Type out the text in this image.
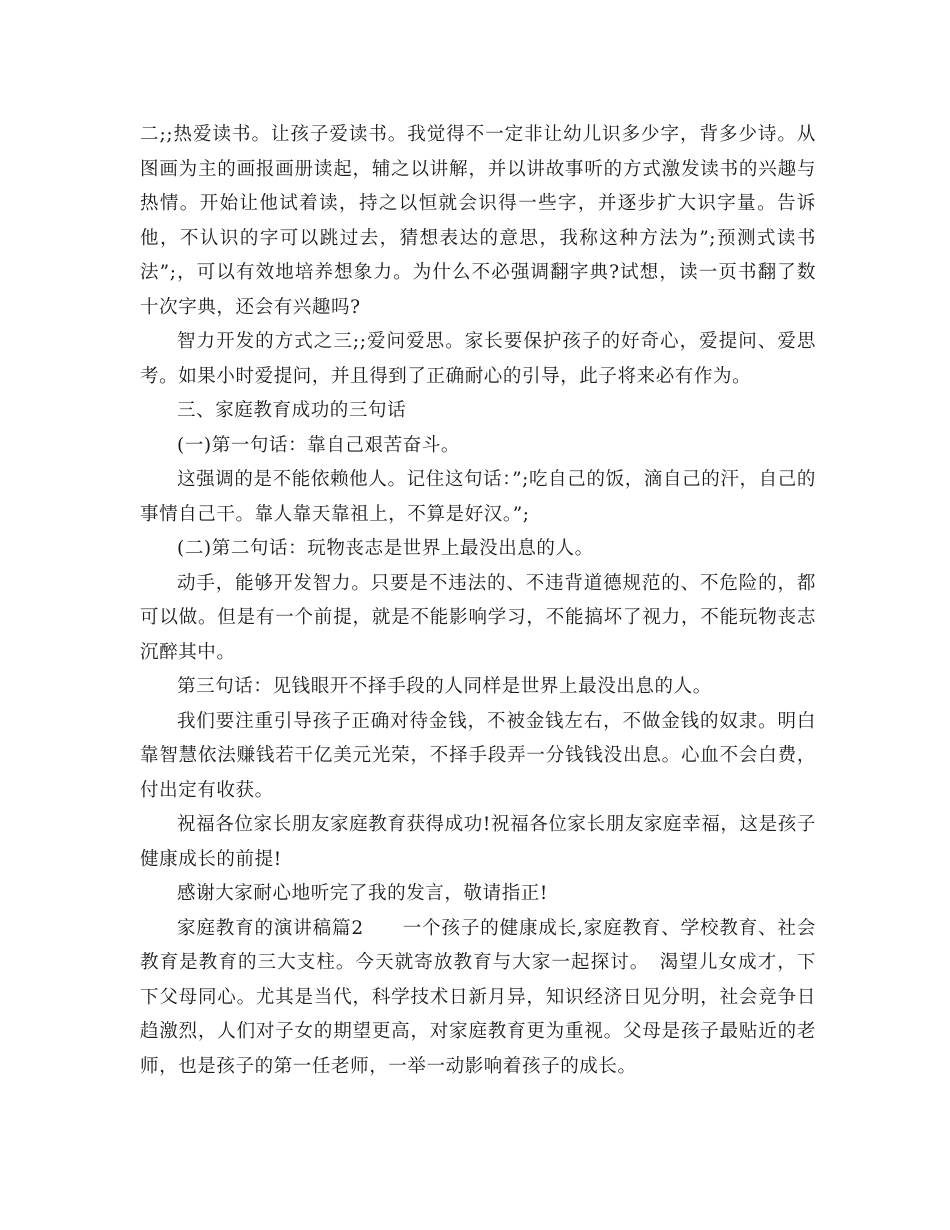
二;;热爱读书。让孩子爱读书。我觉得不一定非让幼儿识多少字，背多少诗。从图画为主的画报画册读起，辅之以讲解，并以讲故事听的方式激发读书的兴趣与热情。开始让他试着读，持之以恒就会识得一些字，并逐步扩大识字量。告诉他，不认识的字可以跳过去，猜想表达的意思，我称这种方法为”;预测式读书法”;，可以有效地培养想象力。为什么不必强调翻字典?试想，读一页书翻了数十次字典，还会有兴趣吗?

智力开发的方式之三;;爱问爱思。家长要保护孩子的好奇心，爱提问、爱思考。如果小时爱提问，并且得到了正确耐心的引导，此子将来必有作为。

三、家庭教育成功的三句话

(一)第一句话：靠自己艰苦奋斗。

这强调的是不能依赖他人。记住这句话：”;吃自己的饭，滴自己的汗，自己的事情自己干。靠人靠天靠祖上，不算是好汉。”;

(二)第二句话：玩物丧志是世界上最没出息的人。

动手，能够开发智力。只要是不违法的、不违背道德规范的、不危险的，都可以做。但是有一个前提，就是不能影响学习，不能搞坏了视力，不能玩物丧志沉醉其中。

第三句话：见钱眼开不择手段的人同样是世界上最没出息的人。

我们要注重引导孩子正确对待金钱，不被金钱左右，不做金钱的奴隶。明白靠智慧依法赚钱若干亿美元光荣，不择手段弄一分钱钱没出息。心血不会白费，付出定有收获。

祝福各位家长朋友家庭教育获得成功!祝福各位家长朋友家庭幸福，这是孩子健康成长的前提!

感谢大家耐心地听完了我的发言，敬请指正!

家庭教育的演讲稿篇2　　一个孩子的健康成长,家庭教育、学校教育、社会教育是教育的三大支柱。今天就寄放教育与大家一起探讨。　渴望儿女成才，下下父母同心。尤其是当代，科学技术日新月异，知识经济日见分明，社会竞争日趋激烈，人们对子女的期望更高，对家庭教育更为重视。父母是孩子最贴近的老师，也是孩子的第一任老师，一举一动影响着孩子的成长。
